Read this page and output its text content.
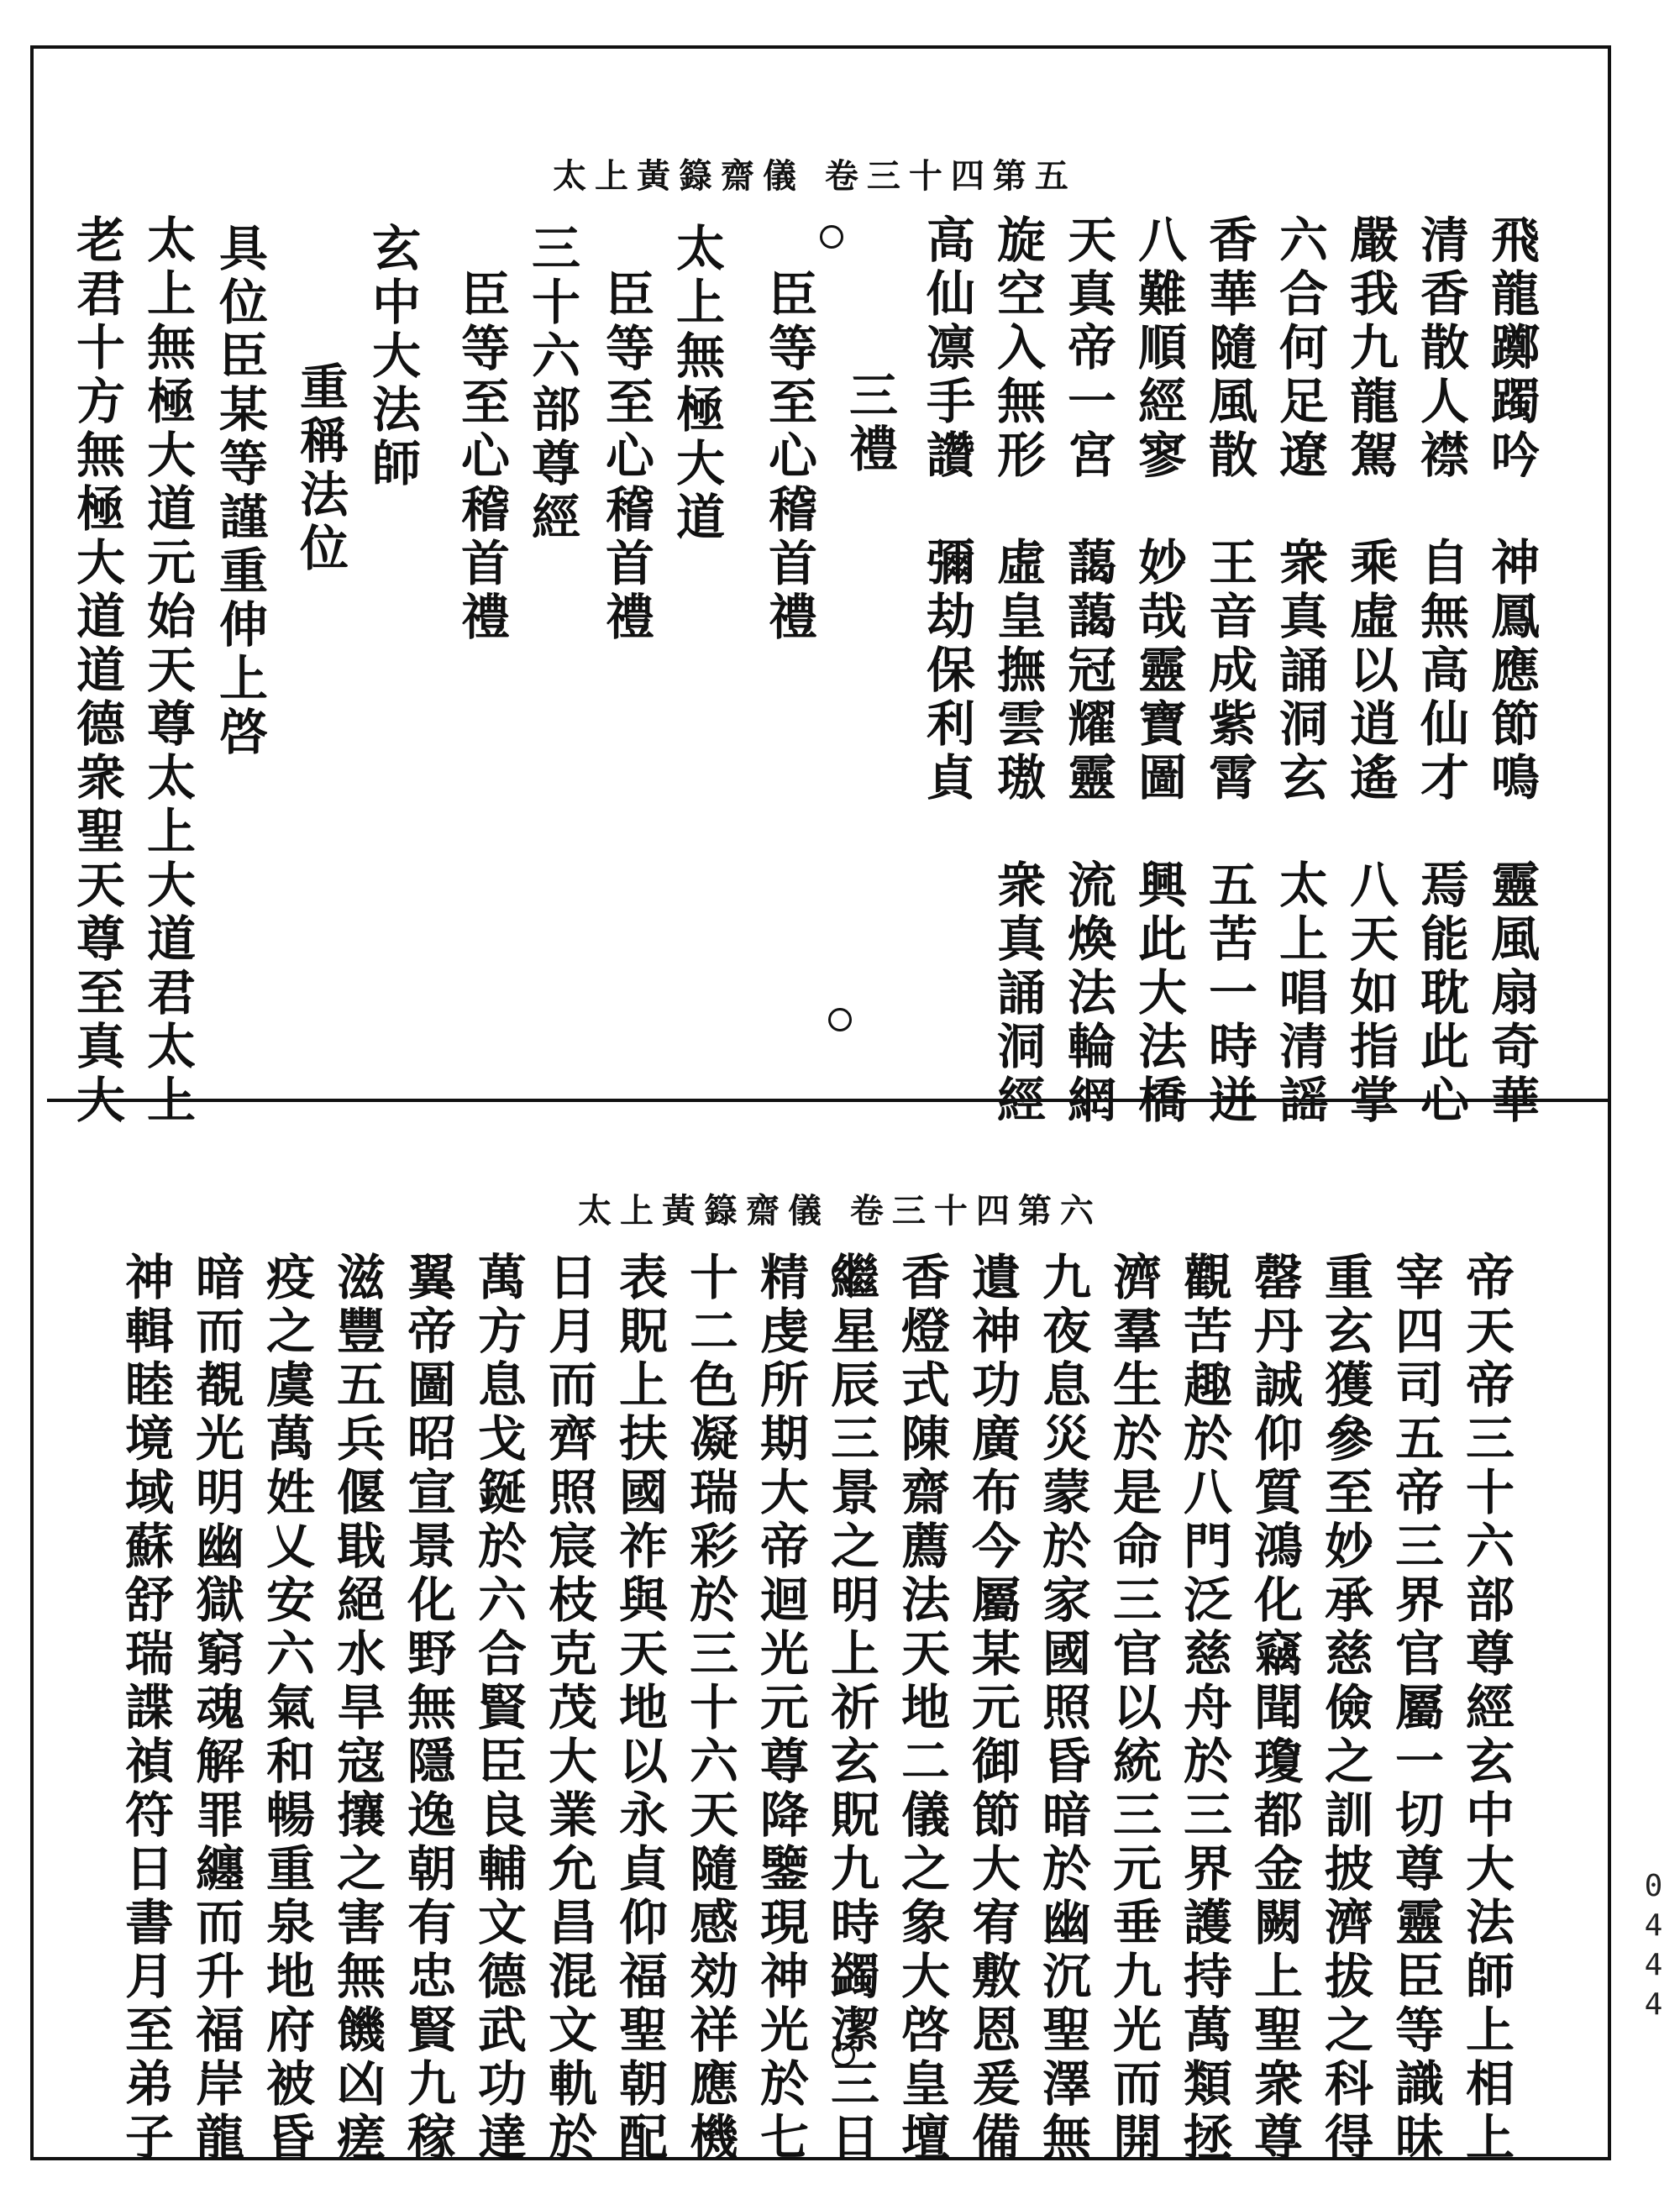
太上黃籙齋儀 卷三十四第五
飛龍躑躅吟　神鳳應節鳴　靈風扇奇華
清香散人襟　自無高仙才　焉能耽此心
嚴我九龍駕　乘虛以逍遙　八天如指掌
六合何足遼　衆真誦洞玄　太上唱清謡
香華隨風散　王音成紫霄　五苦一時迸
八難順經寥　妙哉靈寶圖　興此大法橋
天真帝一宮　藹藹冠耀靈　流煥法輪網
旋空入無形　虛皇撫雲璈　衆真誦洞經
高仙凛手讚　彌劫保利貞
三禮
臣等至心稽首禮
太上無極大道
臣等至心稽首禮
三十六部尊經
臣等至心稽首禮
玄中大法師
重稱法位
具位臣某等謹重伸上啓
太上無極大道元始天尊太上大道君太上
老君十方無極大道道德衆聖天尊至真大
太上黃籙齋儀 卷三十四第六
帝天帝三十六部尊經玄中大法師上相上
宰四司五帝三界官屬一切尊靈臣等識昧
重玄獲參至妙承慈儉之訓披濟拔之科得
罄丹誠仰質鴻化竊聞瓊都金闕上聖衆尊
觀苦趣於八門泛慈舟於三界護持萬類拯
濟羣生於是命三官以統三元垂九光而開
九夜息災蒙於家國照昏暗於幽沉聖澤無
遺神功廣布今屬某元御節大宥敷恩爰備
香燈式陳齋薦法天地二儀之象大啓皇壇
繼星辰三景之明上祈玄貺九時蠲潔三日
精虔所期大帝迴光元尊降鑒現神光於七
十二色凝瑞彩於三十六天隨感効祥應機
表貺上扶國祚與天地以永貞仰福聖朝配
日月而齊照宸枝克茂大業允昌混文軌於
萬方息戈鋋於六合賢臣良輔文德武功達
翼帝圖昭宣景化野無隱逸朝有忠賢九稼
滋豐五兵偃戢絕水旱寇攘之害無饑凶瘥
疫之虞萬姓乂安六氣和暢重泉地府被昏
暗而覩光明幽獄窮魂解罪纏而升福岸龍
神輯睦境域蘇舒瑞諜禎符日書月至弟子	0444
